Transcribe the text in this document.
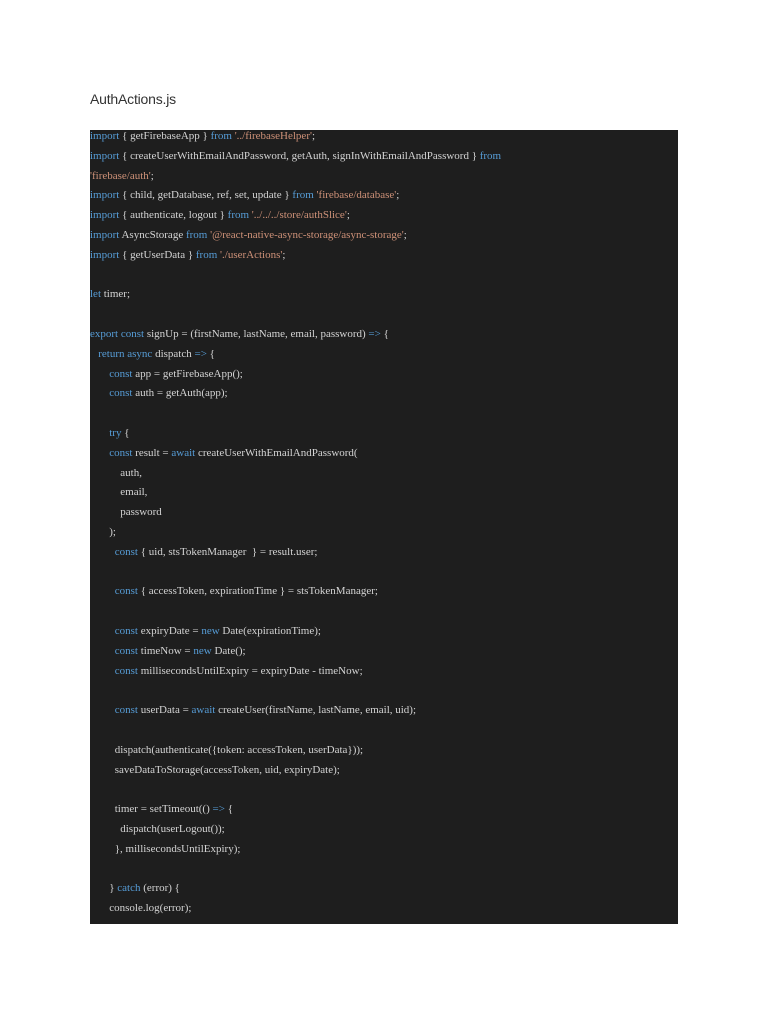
AuthActions.js
import { getFirebaseApp } from '../firebaseHelper';
import { createUserWithEmailAndPassword, getAuth, signInWithEmailAndPassword } from
'firebase/auth';
import { child, getDatabase, ref, set, update } from 'firebase/database';
import { authenticate, logout } from '../../../store/authSlice';
import AsyncStorage from '@react-native-async-storage/async-storage';
import { getUserData } from './userActions';
let timer;
export const signUp = (firstName, lastName, email, password) => {
return async dispatch => {
const app = getFirebaseApp();
const auth = getAuth(app);
try {
const result = await createUserWithEmailAndPassword(
auth,
email,
password
);
const { uid, stsTokenManager  } = result.user;
const { accessToken, expirationTime } = stsTokenManager;
const expiryDate = new Date(expirationTime);
const timeNow = new Date();
const millisecondsUntilExpiry = expiryDate - timeNow;
const userData = await createUser(firstName, lastName, email, uid);
dispatch(authenticate({token: accessToken, userData}));
saveDataToStorage(accessToken, uid, expiryDate);
timer = setTimeout(() => {
dispatch(userLogout());
}, millisecondsUntilExpiry);
} catch (error) {
console.log(error);
